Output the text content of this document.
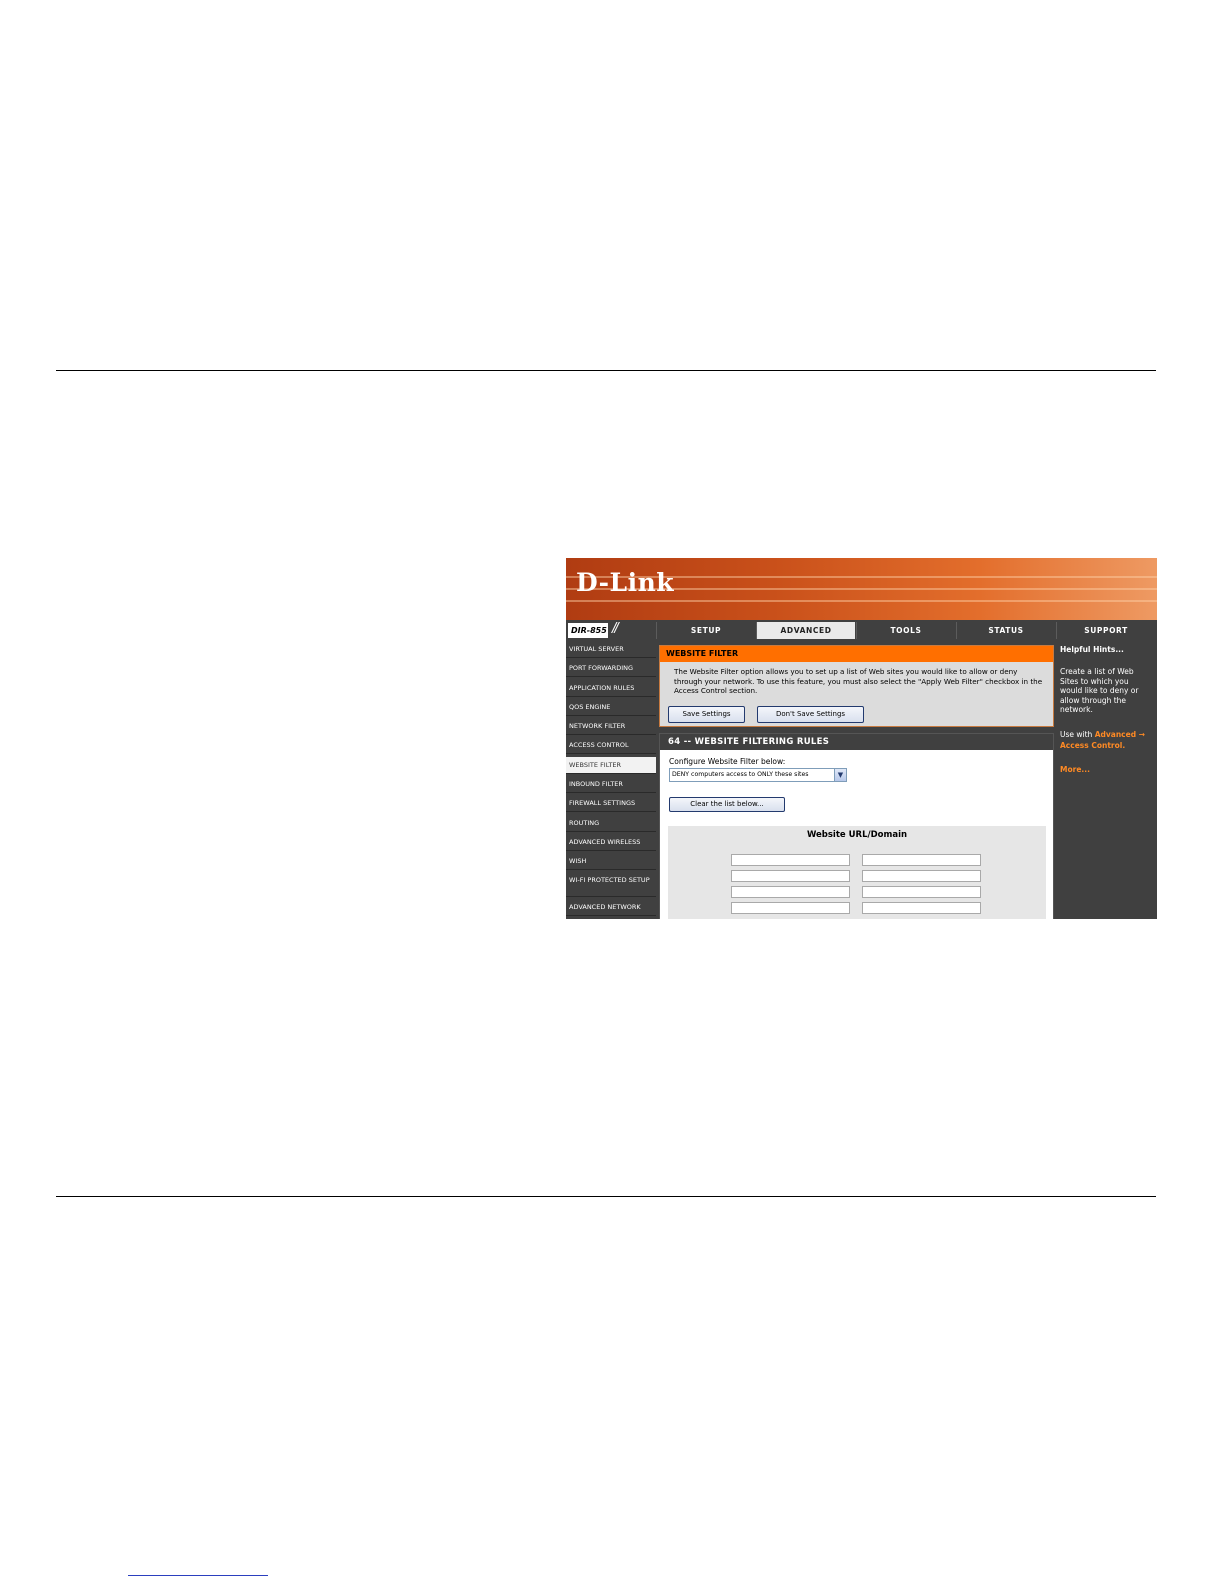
D-Link
DIR-855 //	SETUP	ADVANCED	TOOLS	STATUS	SUPPORT
VIRTUAL SERVER
PORT FORWARDING
APPLICATION RULES
QOS ENGINE
NETWORK FILTER
ACCESS CONTROL
WEBSITE FILTER
INBOUND FILTER
FIREWALL SETTINGS
ROUTING
ADVANCED WIRELESS
WISH
WI-FI PROTECTED SETUP
ADVANCED NETWORK
WEBSITE FILTER
The Website Filter option allows you to set up a list of Web sites you would like to allow or deny through your network. To use this feature, you must also select the "Apply Web Filter" checkbox in the Access Control section.
Save Settings	Don't Save Settings
64 -- WEBSITE FILTERING RULES
Configure Website Filter below:
DENY computers access to ONLY these sites	▼
Clear the list below...
Website URL/Domain
Helpful Hints...
Create a list of Web Sites to which you would like to deny or allow through the network.
Use with Advanced → Access Control.
More...
